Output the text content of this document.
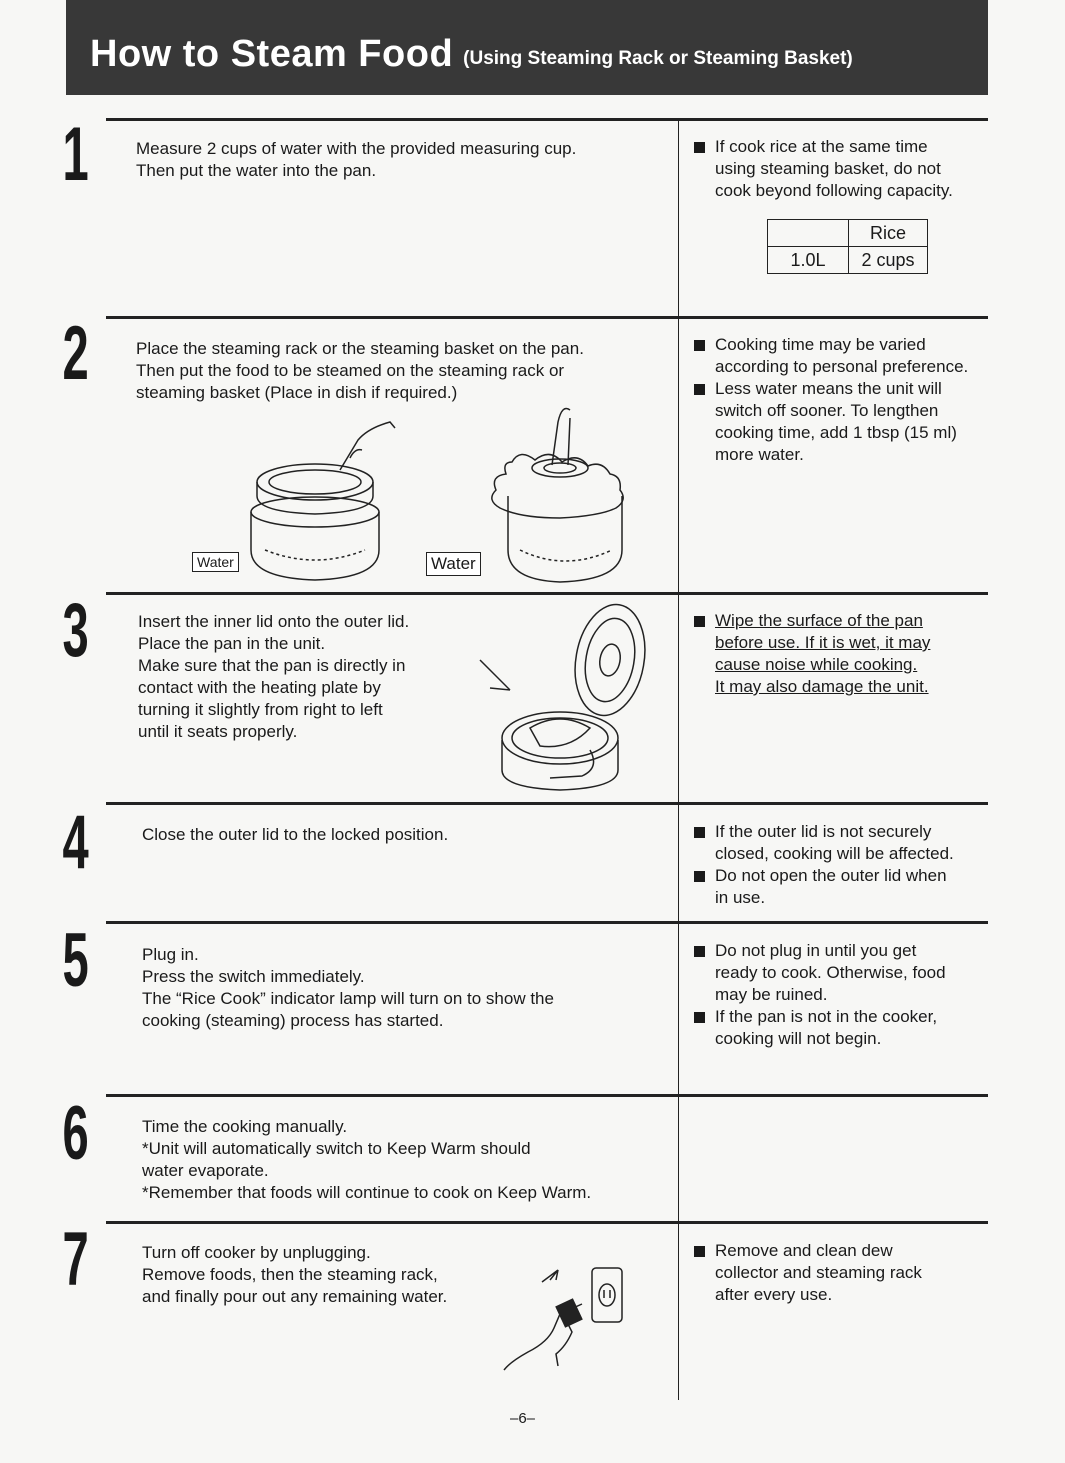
How to Steam Food (Using Steaming Rack or Steaming Basket)
1	Measure 2 cups of water with the provided measuring cup.
Then put the water into the pan.
If cook rice at the same time
using steaming basket, do not
cook beyond following capacity.
	Rice
1.0L	2 cups
2	Place the steaming rack or the steaming basket on the pan.
Then put the food to be steamed on the steaming rack or
steaming basket (Place in dish if required.)
Cooking time may be varied
according to personal preference.
Less water means the unit will
switch off sooner. To lengthen
cooking time, add 1 tbsp (15 ml)
more water.
Water	Water
3	Insert the inner lid onto the outer lid.
Place the pan in the unit.
Make sure that the pan is directly in
contact with the heating plate by
turning it slightly from right to left
until it seats properly.
Wipe the surface of the pan
before use. If it is wet, it may
cause noise while cooking.
It may also damage the unit.
4	Close the outer lid to the locked position.	If the outer lid is not securely
closed, cooking will be affected.
Do not open the outer lid when
in use.
5	Plug in.
Press the switch immediately.
The “Rice Cook” indicator lamp will turn on to show the
cooking (steaming) process has started.
Do not plug in until you get
ready to cook. Otherwise, food
may be ruined.
If the pan is not in the cooker,
cooking will not begin.
6	Time the cooking manually.
*Unit will automatically switch to Keep Warm should
water evaporate.
*Remember that foods will continue to cook on Keep Warm.
7	Turn off cooker by unplugging.
Remove foods, then the steaming rack,
and finally pour out any remaining water.
Remove and clean dew
collector and steaming rack
after every use.
–6–
